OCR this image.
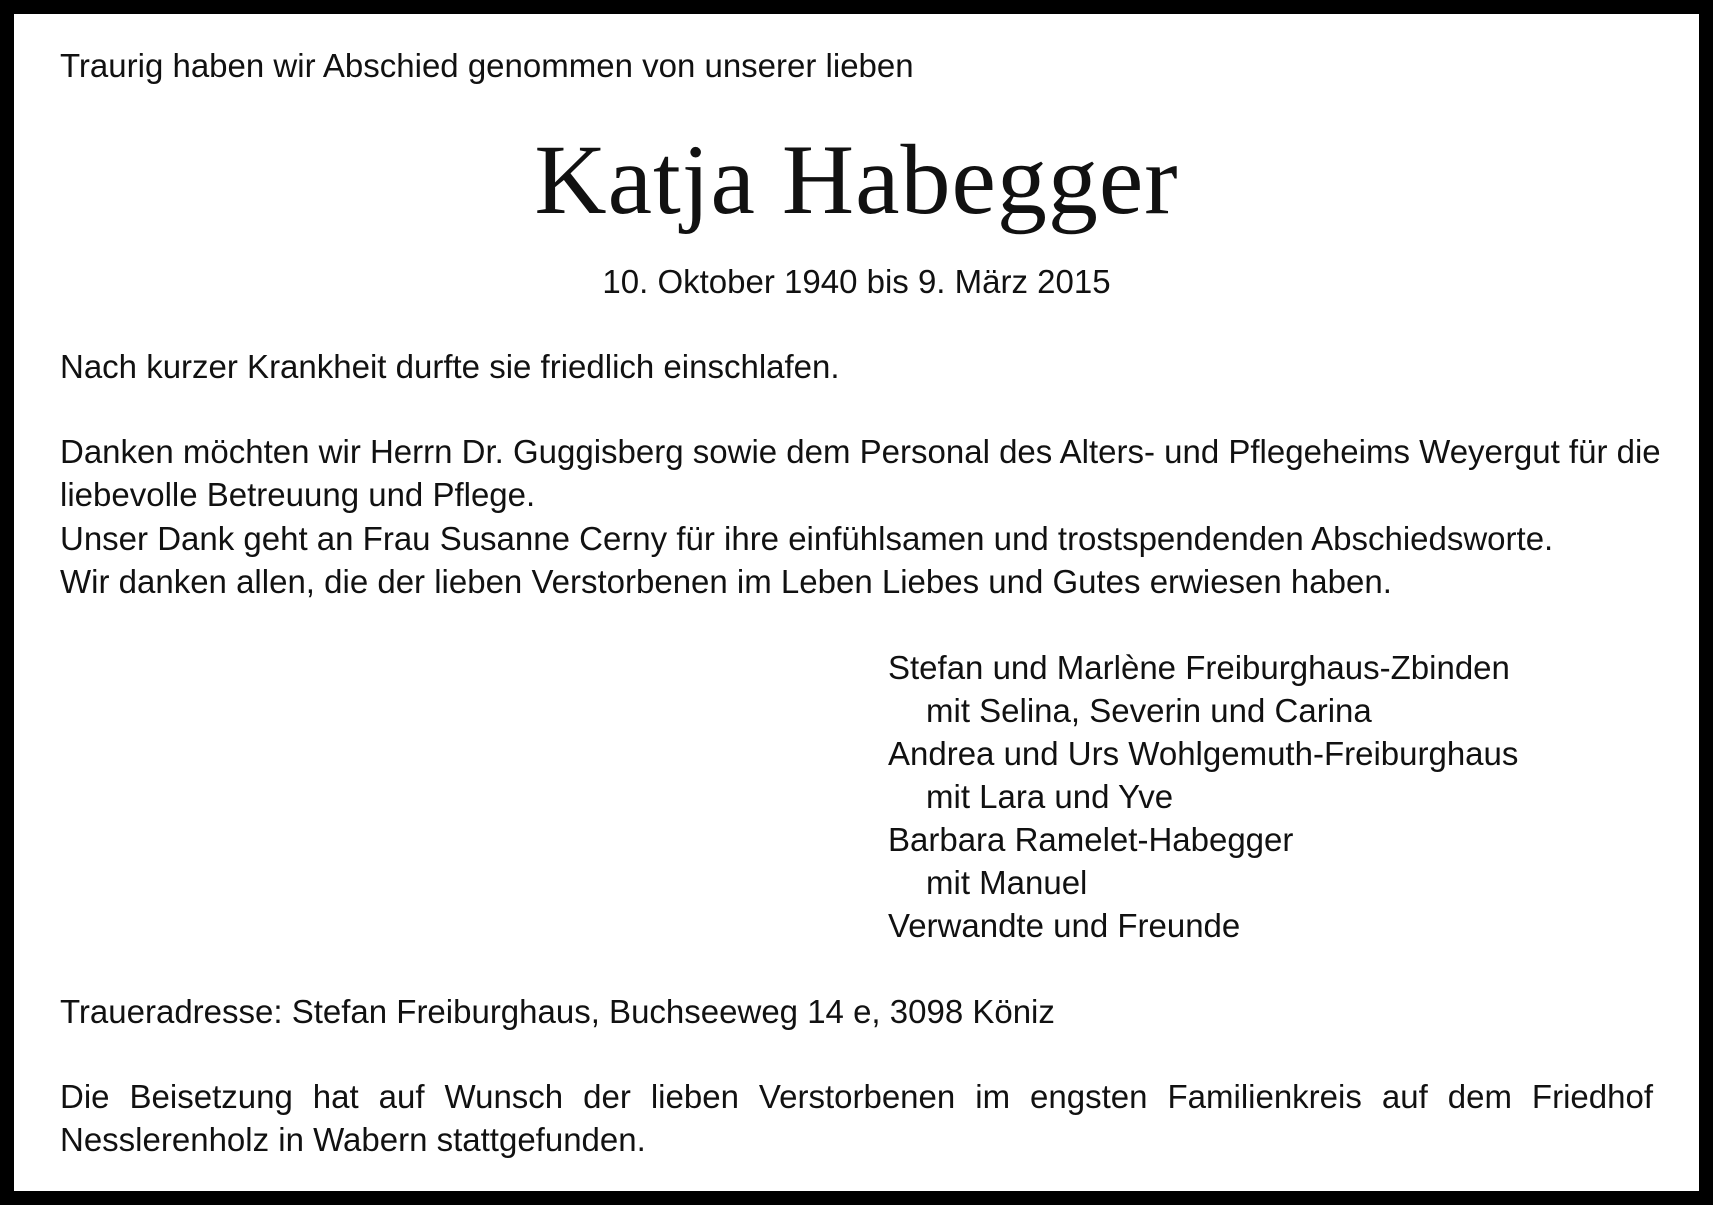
Traurig haben wir Abschied genommen von unserer lieben

Katja Habegger

10. Oktober 1940 bis 9. März 2015

Nach kurzer Krankheit durfte sie friedlich einschlafen.

Danken möchten wir Herrn Dr. Guggisberg sowie dem Personal des Alters- und Pflegeheims Weyergut für die

liebevolle Betreuung und Pflege.

Unser Dank geht an Frau Susanne Cerny für ihre einfühlsamen und trostspendenden Abschiedsworte.

Wir danken allen, die der lieben Verstorbenen im Leben Liebes und Gutes erwiesen haben.

Stefan und Marlène Freiburghaus-Zbinden
mit Selina, Severin und Carina
Andrea und Urs Wohlgemuth-Freiburghaus
mit Lara und Yve
Barbara Ramelet-Habegger
mit Manuel
Verwandte und Freunde

Traueradresse: Stefan Freiburghaus, Buchseeweg 14 e, 3098 Köniz

Die Beisetzung hat auf Wunsch der lieben Verstorbenen im engsten Familienkreis auf dem Friedhof
Nesslerenholz in Wabern stattgefunden.
